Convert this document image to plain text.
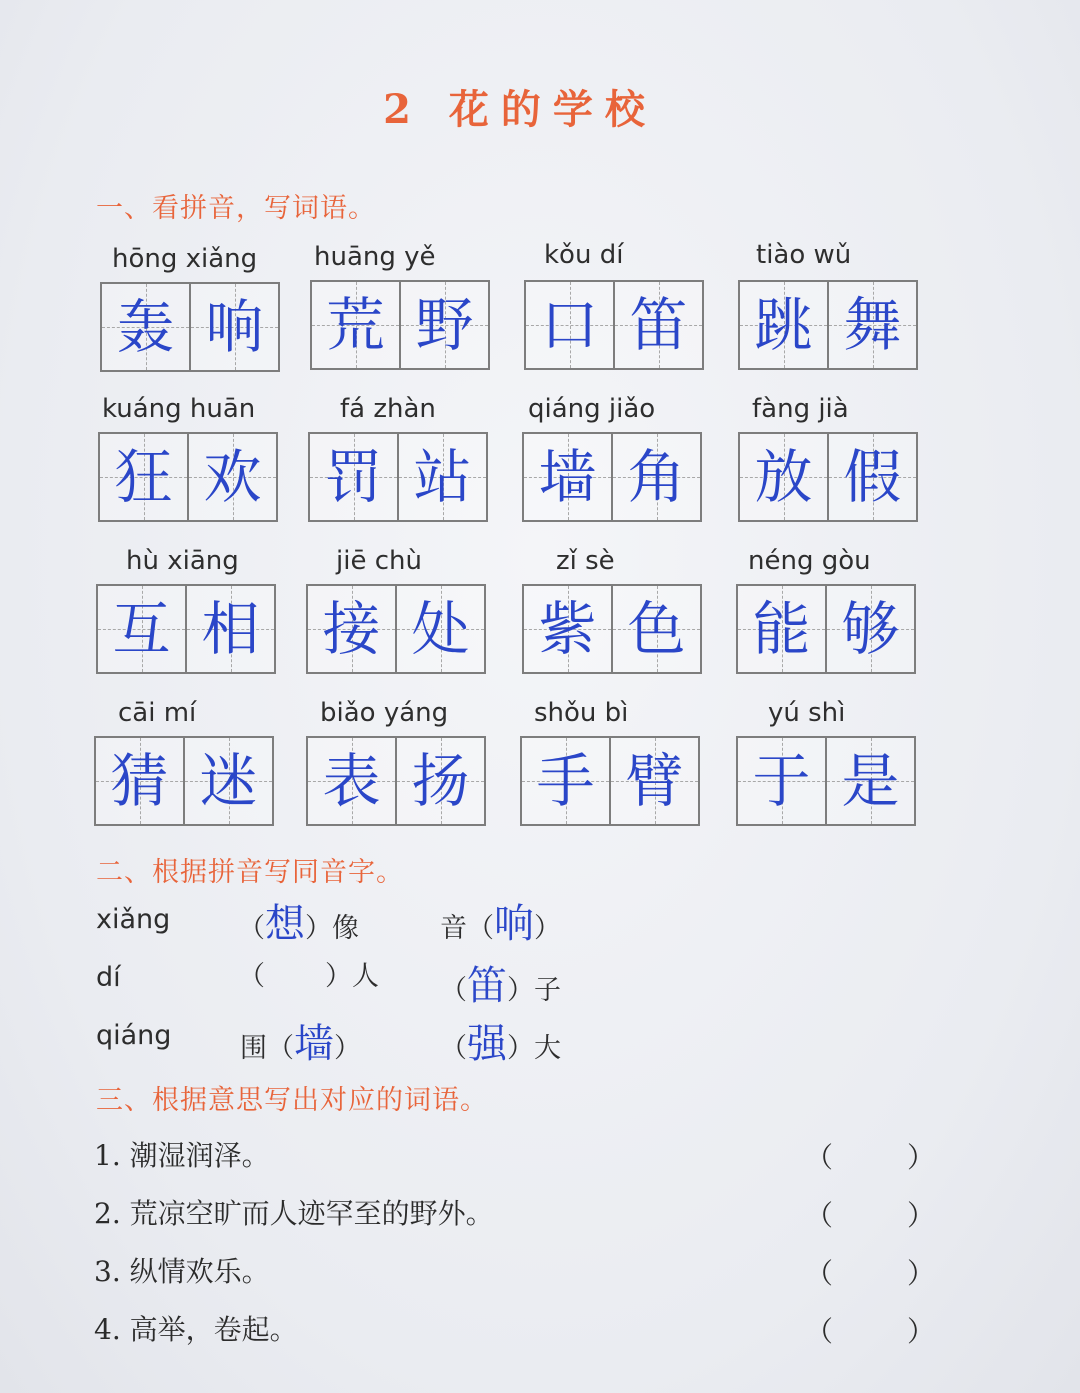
2 花的学校
一、看拼音，写词语。
hōng xiǎng
轰 响
huāng yě
荒 野
kǒu dí
口 笛
tiào wǔ
跳 舞
kuáng huān
狂 欢
fá zhàn
罚 站
qiáng jiǎo
墙 角
fàng jià
放 假
hù xiāng
互 相
jiē chù
接 处
zǐ sè
紫 色
néng gòu
能 够
cāi mí
猜 迷
biǎo yáng
表 扬
shǒu bì
手 臂
yú shì
于 是
二、根据拼音写同音字。
xiǎng	（想）像	音（响）
dí	（ ）人 （笛）子
qiáng	围（墙）	（强）大
三、根据意思写出对应的词语。
1. 潮湿润泽。	（	）
2. 荒凉空旷而人迹罕至的野外。	（	）
3. 纵情欢乐。	（	）
4. 高举，卷起。	（	）
